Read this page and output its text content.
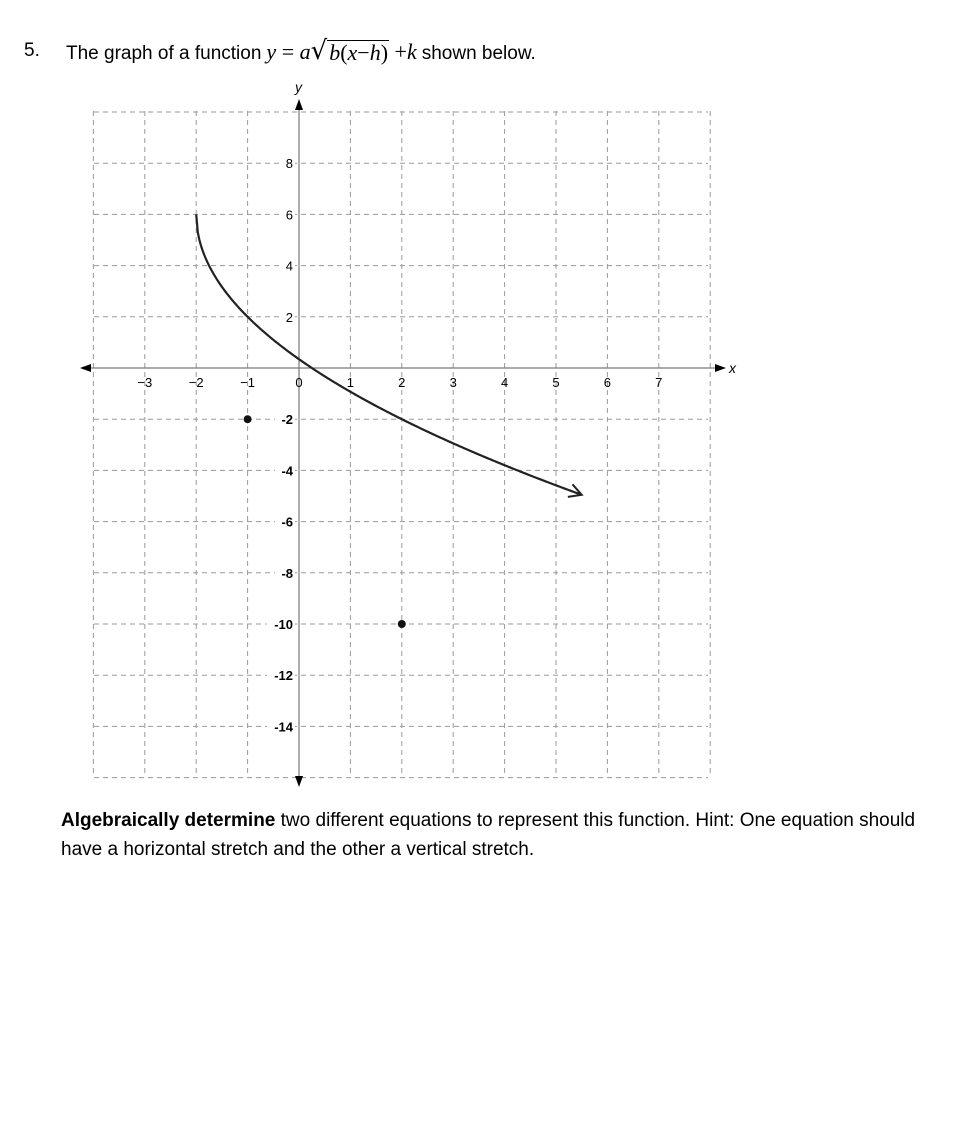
5. The graph of a function y = a √ b(x−h) +k shown below.
x
y
−3	−2	−1	0	1	2	3	4	5	6	7
8
6
4
2
-2
-4
-6
-8
-10
-12
-14
Algebraically determine two different equations to represent this function. Hint: One equation should have a horizontal stretch and the other a vertical stretch.
